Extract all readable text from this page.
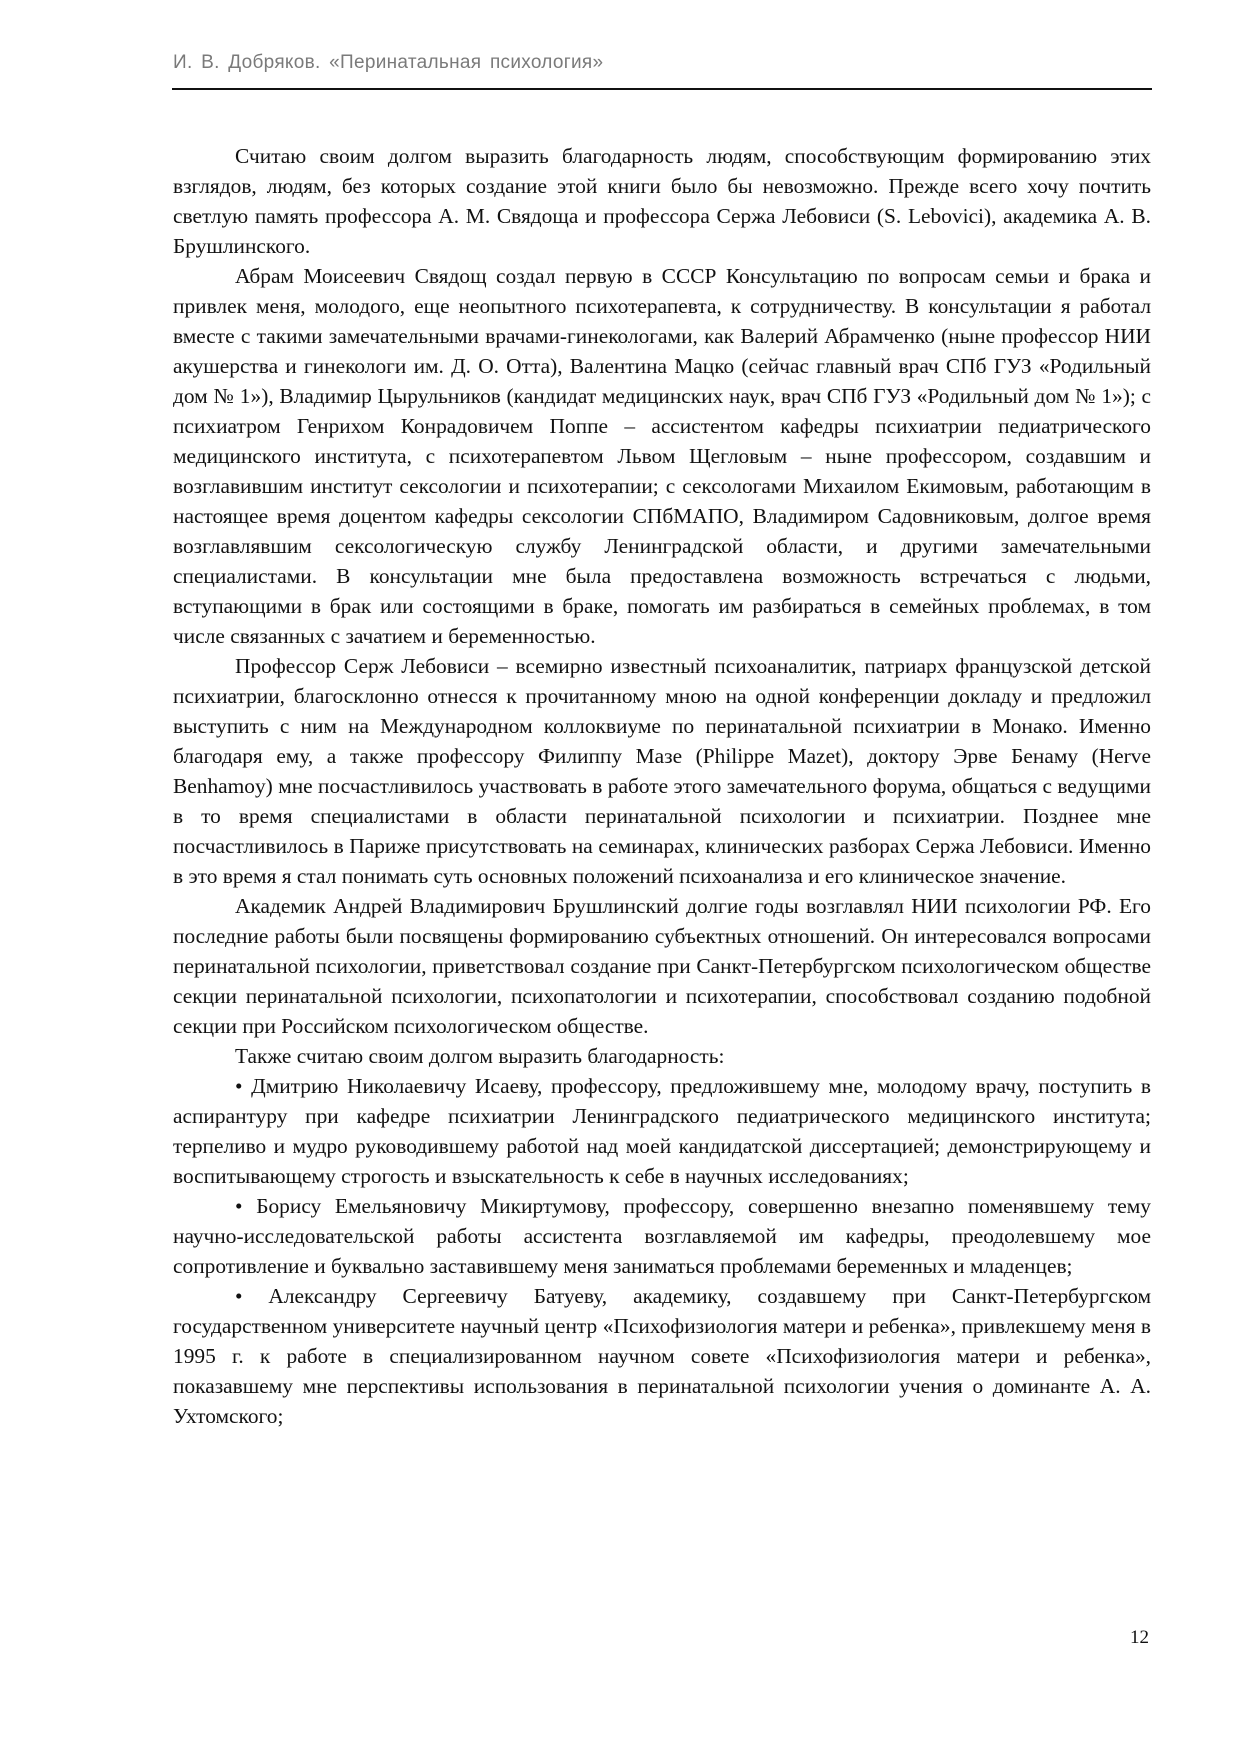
И. В. Добряков. «Перинатальная психология»

Считаю своим долгом выразить благодарность людям, способствующим формированию этих взглядов, людям, без которых создание этой книги было бы невозможно. Прежде всего хочу почтить светлую память профессора А. М. Свядоща и профессора Сержа Лебовиси (S. Lebovici), академика А. В. Брушлинского.

Абрам Моисеевич Свядощ создал первую в СССР Консультацию по вопросам семьи и брака и привлек меня, молодого, еще неопытного психотерапевта, к сотрудничеству. В консультации я работал вместе с такими замечательными врачами-гинекологами, как Валерий Абрамченко (ныне профессор НИИ акушерства и гинекологи им. Д. О. Отта), Валентина Мацко (сейчас главный врач СПб ГУЗ «Родильный дом № 1»), Владимир Цырульников (кандидат медицинских наук, врач СПб ГУЗ «Родильный дом № 1»); с психиатром Генрихом Конрадовичем Поппе – ассистентом кафедры психиатрии педиатрического медицинского института, с психотерапевтом Львом Щегловым – ныне профессором, создавшим и возглавившим институт сексологии и психотерапии; с сексологами Михаилом Екимовым, работающим в настоящее время доцентом кафедры сексологии СПбМАПО, Владимиром Садовниковым, долгое время возглавлявшим сексологическую службу Ленинградской области, и другими замечательными специалистами. В консультации мне была предоставлена возможность встречаться с людьми, вступающими в брак или состоящими в браке, помогать им разбираться в семейных проблемах, в том числе связанных с зачатием и беременностью.

Профессор Серж Лебовиси – всемирно известный психоаналитик, патриарх французской детской психиатрии, благосклонно отнесся к прочитанному мною на одной конференции докладу и предложил выступить с ним на Международном коллоквиуме по перинатальной психиатрии в Монако. Именно благодаря ему, а также профессору Филиппу Мазе (Philippe Mazet), доктору Эрве Бенаму (Herve Benhamoy) мне посчастливилось участвовать в работе этого замечательного форума, общаться с ведущими в то время специалистами в области перинатальной психологии и психиатрии. Позднее мне посчастливилось в Париже присутствовать на семинарах, клинических разборах Сержа Лебовиси. Именно в это время я стал понимать суть основных положений психоанализа и его клиническое значение.

Академик Андрей Владимирович Брушлинский долгие годы возглавлял НИИ психологии РФ. Его последние работы были посвящены формированию субъектных отношений. Он интересовался вопросами перинатальной психологии, приветствовал создание при Санкт-Петербургском психологическом обществе секции перинатальной психологии, психопатологии и психотерапии, способствовал созданию подобной секции при Российском психологическом обществе.

Также считаю своим долгом выразить благодарность:

• Дмитрию Николаевичу Исаеву, профессору, предложившему мне, молодому врачу, поступить в аспирантуру при кафедре психиатрии Ленинградского педиатрического медицинского института; терпеливо и мудро руководившему работой над моей кандидатской диссертацией; демонстрирующему и воспитывающему строгость и взыскательность к себе в научных исследованиях;

• Борису Емельяновичу Микиртумову, профессору, совершенно внезапно поменявшему тему научно-исследовательской работы ассистента возглавляемой им кафедры, преодолевшему мое сопротивление и буквально заставившему меня заниматься проблемами беременных и младенцев;

• Александру Сергеевичу Батуеву, академику, создавшему при Санкт-Петербургском государственном университете научный центр «Психофизиология матери и ребенка», привлекшему меня в 1995 г. к работе в специализированном научном совете «Психофизиология матери и ребенка», показавшему мне перспективы использования в перинатальной психологии учения о доминанте А. А. Ухтомского;

12
